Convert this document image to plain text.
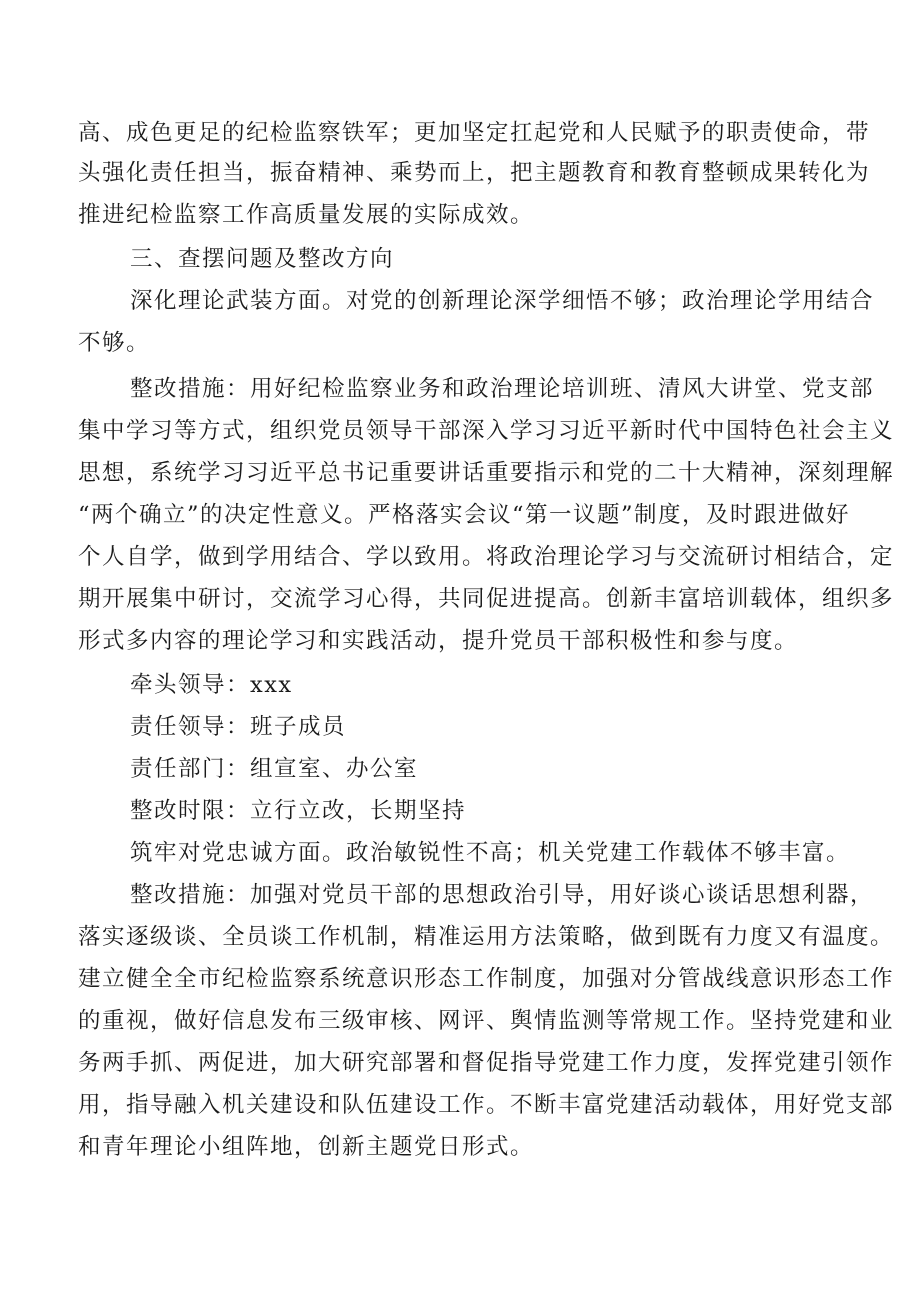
高、成色更足的纪检监察铁军；更加坚定扛起党和人民赋予的职责使命，带
头强化责任担当，振奋精神、乘势而上，把主题教育和教育整顿成果转化为
推进纪检监察工作高质量发展的实际成效。
三、查摆问题及整改方向
深化理论武装方面。对党的创新理论深学细悟不够；政治理论学用结合
不够。
整改措施：用好纪检监察业务和政治理论培训班、清风大讲堂、党支部
集中学习等方式，组织党员领导干部深入学习习近平新时代中国特色社会主义
思想，系统学习习近平总书记重要讲话重要指示和党的二十大精神，深刻理解
“两个确立”的决定性意义。严格落实会议“第一议题”制度，及时跟进做好
个人自学，做到学用结合、学以致用。将政治理论学习与交流研讨相结合，定
期开展集中研讨，交流学习心得，共同促进提高。创新丰富培训载体，组织多
形式多内容的理论学习和实践活动，提升党员干部积极性和参与度。
牵头领导：xxx
责任领导：班子成员
责任部门：组宣室、办公室
整改时限：立行立改，长期坚持
筑牢对党忠诚方面。政治敏锐性不高；机关党建工作载体不够丰富。
整改措施：加强对党员干部的思想政治引导，用好谈心谈话思想利器，
落实逐级谈、全员谈工作机制，精准运用方法策略，做到既有力度又有温度。
建立健全全市纪检监察系统意识形态工作制度，加强对分管战线意识形态工作
的重视，做好信息发布三级审核、网评、舆情监测等常规工作。坚持党建和业
务两手抓、两促进，加大研究部署和督促指导党建工作力度，发挥党建引领作
用，指导融入机关建设和队伍建设工作。不断丰富党建活动载体，用好党支部
和青年理论小组阵地，创新主题党日形式。
